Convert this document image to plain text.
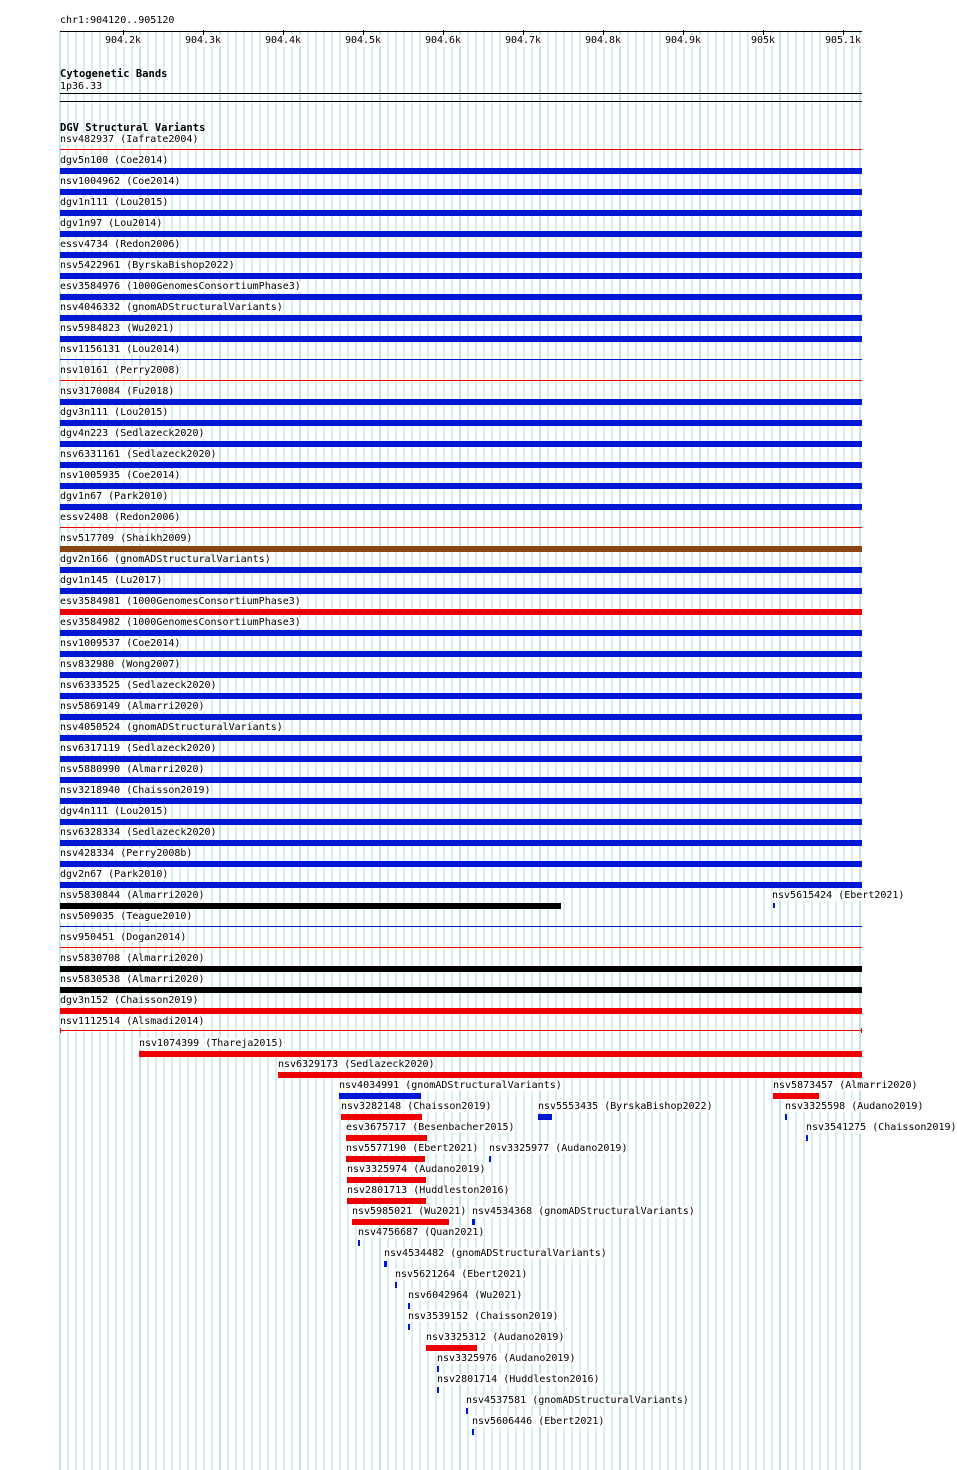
chr1:904120..905120
904.2k	904.3k	904.4k	904.5k	904.6k	904.7k	904.8k	904.9k	905k	905.1k
Cytogenetic Bands
1p36.33
DGV Structural Variants
nsv482937 (Iafrate2004)
dgv5n100 (Coe2014)
nsv1004962 (Coe2014)
dgv1n111 (Lou2015)
dgv1n97 (Lou2014)
essv4734 (Redon2006)
nsv5422961 (ByrskaBishop2022)
esv3584976 (1000GenomesConsortiumPhase3)
nsv4046332 (gnomADStructuralVariants)
nsv5984823 (Wu2021)
nsv1156131 (Lou2014)
nsv10161 (Perry2008)
nsv3170084 (Fu2018)
dgv3n111 (Lou2015)
dgv4n223 (Sedlazeck2020)
nsv6331161 (Sedlazeck2020)
nsv1005935 (Coe2014)
dgv1n67 (Park2010)
essv2408 (Redon2006)
nsv517709 (Shaikh2009)
dgv2n166 (gnomADStructuralVariants)
dgv1n145 (Lu2017)
esv3584981 (1000GenomesConsortiumPhase3)
esv3584982 (1000GenomesConsortiumPhase3)
nsv1009537 (Coe2014)
nsv832980 (Wong2007)
nsv6333525 (Sedlazeck2020)
nsv5869149 (Almarri2020)
nsv4050524 (gnomADStructuralVariants)
nsv6317119 (Sedlazeck2020)
nsv5880990 (Almarri2020)
nsv3218940 (Chaisson2019)
dgv4n111 (Lou2015)
nsv6328334 (Sedlazeck2020)
nsv428334 (Perry2008b)
dgv2n67 (Park2010)
nsv5830844 (Almarri2020)	nsv5615424 (Ebert2021)
nsv509035 (Teague2010)
nsv950451 (Dogan2014)
nsv5830708 (Almarri2020)
nsv5830538 (Almarri2020)
dgv3n152 (Chaisson2019)
nsv1112514 (Alsmadi2014)
nsv1074399 (Thareja2015)
nsv6329173 (Sedlazeck2020)
nsv4034991 (gnomADStructuralVariants)	nsv5873457 (Almarri2020)
nsv3282148 (Chaisson2019)	nsv5553435 (ByrskaBishop2022)	nsv3325598 (Audano2019)
esv3675717 (Besenbacher2015)	nsv3541275 (Chaisson2019)
nsv5577190 (Ebert2021) nsv3325977 (Audano2019)
nsv3325974 (Audano2019)
nsv2801713 (Huddleston2016)
nsv5985021 (Wu2021) nsv4534368 (gnomADStructuralVariants)
nsv4756687 (Quan2021)
nsv4534482 (gnomADStructuralVariants)
nsv5621264 (Ebert2021)
nsv6042964 (Wu2021)
nsv3539152 (Chaisson2019)
nsv3325312 (Audano2019)
nsv3325976 (Audano2019)
nsv2801714 (Huddleston2016)
nsv4537581 (gnomADStructuralVariants)
nsv5606446 (Ebert2021)
